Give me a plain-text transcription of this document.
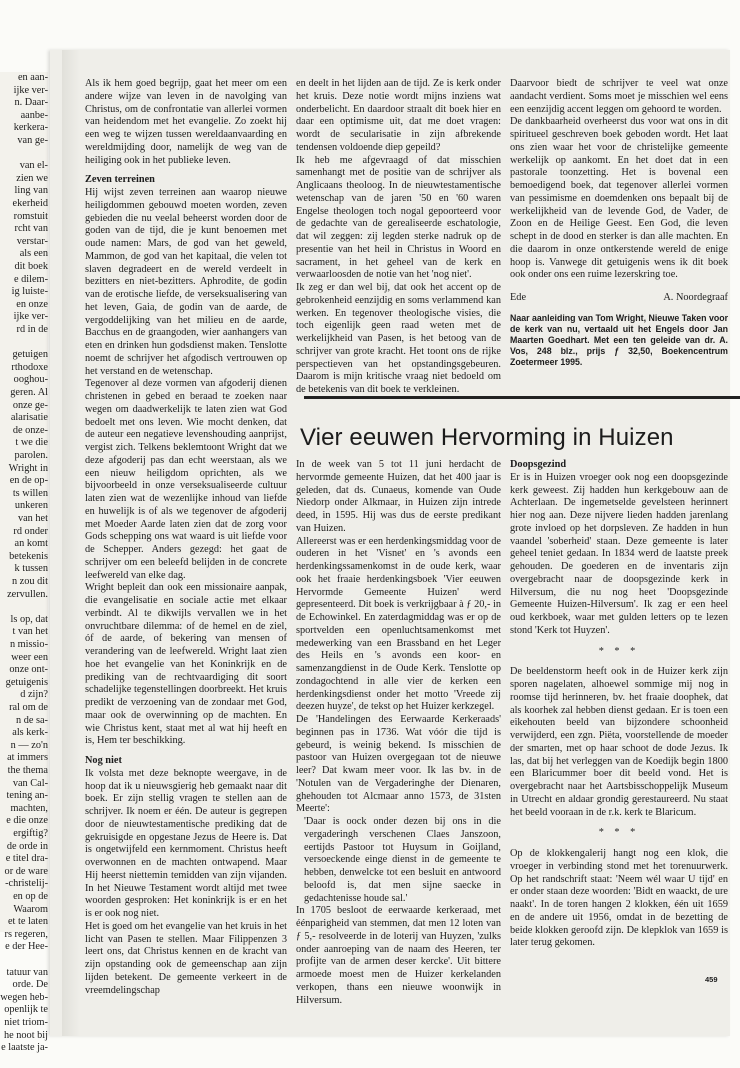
en aan-
ijke ver-
n. Daar-
aanbe-
kerkera-
van ge-
van el-
zien we
ling van
ekerheid
romstuit
rcht van
verstar-
als een
dit boek
e dilem-
ig luiste-
en onze
ijke ver-
rd in de
getuigen
rthodoxe
ooghou-
geren. Al
onze ge-
alarisatie
de onze-
t we die
parolen.
Wright in
en de op-
ts willen
unkeren
van het
rd onder
an komt
betekenis
k tussen
n zou dit
zervullen.
ls op, dat
t van het
n missio-
weer een
onze ont-
getuigenis
d zijn?
ral om de
n de sa-
als kerk-
n — zo'n
at immers
the thema
van Cal-
tening an-
machten,
e die onze
ergiftig?
de orde in
e titel dra-
or de ware
-christelij-
en op de
Waarom
et te laten
rs regeren,
e der Hee-
tatuur van
orde. De
wegen heb-
openlijk te
niet triom-
he noot bij
e laatste ja-

Als ik hem goed begrijp, gaat het meer om een andere wijze van leven in de navolging van Christus, om de confrontatie van allerlei vormen van heidendom met het evangelie. Zo zoekt hij een weg te wijzen tussen wereldaanvaarding en wereldmijding door, namelijk de weg van de heiliging ook in het publieke leven.

Zeven terreinen

Hij wijst zeven terreinen aan waarop nieuwe heiligdommen gebouwd moeten worden, zeven gebieden die nu veelal beheerst worden door de goden van de tijd, die je kunt benoemen met oude namen: Mars, de god van het geweld, Mammon, de god van het kapitaal, die velen tot slaven degradeert en de wereld verdeelt in bezitters en niet-bezitters. Aphrodite, de godin van de erotische liefde, de verseksualisering van het leven, Gaia, de godin van de aarde, de vergoddelijking van het milieu en de aarde, Bacchus en de graangoden, wier aanhangers van eten en drinken hun godsdienst maken. Tenslotte noemt de schrijver het afgodisch vertrouwen op het verstand en de wetenschap.

Tegenover al deze vormen van afgoderij dienen christenen in gebed en beraad te zoeken naar wegen om daadwerkelijk te laten zien wat God bedoelt met ons leven. Wie mocht denken, dat de auteur een negatieve levenshouding aanprijst, vergist zich. Telkens beklemtoont Wright dat we deze afgoderij pas dan echt weerstaan, als we een nieuw heiligdom oprichten, als we bijvoorbeeld in onze verseksualiseerde cultuur laten zien wat de wezenlijke inhoud van liefde en huwelijk is of als we tegenover de afgoderij met Moeder Aarde laten zien dat de zorg voor Gods schepping ons wat waard is uit liefde voor de Schepper. Anders gezegd: het gaat de schrijver om een beleefd belijden in de concrete leefwereld van elke dag.

Wright bepleit dan ook een missionaire aanpak, die evangelisatie en sociale actie met elkaar verbindt. Al te dikwijls vervallen we in het onvruchtbare dilemma: of de hemel en de ziel, óf de aarde, of bekering van mensen of verandering van de leefwereld. Wright laat zien hoe het evangelie van het Koninkrijk en de prediking van de rechtvaardiging dit soort schadelijke tegenstellingen doorbreekt. Het kruis predikt de verzoening van de zondaar met God, maar ook de overwinning op de machten. En wie Christus kent, staat met al wat hij heeft en is, Hem ter beschikking.

Nog niet

Ik volsta met deze beknopte weergave, in de hoop dat ik u nieuwsgierig heb gemaakt naar dit boek. Er zijn stellig vragen te stellen aan de schrijver. Ik noem er één. De auteur is gegrepen door de nieuwtestamentische prediking dat de gekruisigde en opgestane Jezus de Heere is. Dat is ongetwijfeld een kernmoment. Christus heeft overwonnen en de machten ontwapend. Maar Hij heerst niettemin temidden van zijn vijanden. In het Nieuwe Testament wordt altijd met twee woorden gesproken: Het koninkrijk is er en het is er ook nog niet.

Het is goed om het evangelie van het kruis in het licht van Pasen te stellen. Maar Filippenzen 3 leert ons, dat Christus kennen en de kracht van zijn opstanding ook de gemeenschap aan zijn lijden betekent. De gemeente verkeert in de vreemdelingschap

en deelt in het lijden aan de tijd. Ze is kerk onder het kruis. Deze notie wordt mijns inziens wat onderbelicht. En daardoor straalt dit boek hier en daar een optimisme uit, dat me doet vragen: wordt de secularisatie in zijn afbrekende tendensen voldoende diep gepeild?

Ik heb me afgevraagd of dat misschien samenhangt met de positie van de schrijver als Anglicaans theoloog. In de nieuwtestamentische wetenschap van de jaren '50 en '60 waren Engelse theologen toch nogal gepoorteerd voor de gedachte van de gerealiseerde eschatologie, dat wil zeggen: zij legden sterke nadruk op de presentie van het heil in Christus in Woord en sacrament, in het geheel van de kerk en verwaarloosden de notie van het 'nog niet'.

Ik zeg er dan wel bij, dat ook het accent op de gebrokenheid eenzijdig en soms verlammend kan werken. En tegenover theologische visies, die toch eigenlijk geen raad weten met de werkelijkheid van Pasen, is het betoog van de schrijver van grote kracht. Het toont ons de rijke perspectieven van het opstandingsgebeuren. Daarom is mijn kritische vraag niet bedoeld om de betekenis van dit boek te verkleinen.

Daarvoor biedt de schrijver te veel wat onze aandacht verdient. Soms moet je misschien wel eens een eenzijdig accent leggen om gehoord te worden.

De dankbaarheid overheerst dus voor wat ons in dit spiritueel geschreven boek geboden wordt. Het laat ons zien waar het voor de christelijke gemeente werkelijk op aankomt. En het doet dat in een pastorale toonzetting. Het is bovenal een bemoedigend boek, dat tegenover allerlei vormen van pessimisme en doemdenken ons bepaalt bij de werkelijkheid van de levende God, de Vader, de Zoon en de Heilige Geest. Een God, die leven schept in de dood en sterker is dan alle machten. En die daarom in onze ontkerstende wereld de enige hoop is. Vanwege dit getuigenis wens ik dit boek ook onder ons een ruime lezerskring toe.

Ede	A. Noordegraaf
Naar aanleiding van Tom Wright, Nieuwe Taken voor de kerk van nu, vertaald uit het Engels door Jan Maarten Goedhart. Met een ten geleide van dr. A. Vos, 248 blz., prijs ƒ 32,50, Boekencentrum Zoetermeer 1995.
Vier eeuwen Hervorming in Huizen

In de week van 5 tot 11 juni herdacht de hervormde gemeente Huizen, dat het 400 jaar is geleden, dat ds. Cunaeus, komende van Oude Niedorp onder Alkmaar, in Huizen zijn intrede deed, in 1595. Hij was dus de eerste predikant van Huizen.

Allereerst was er een herdenkingsmiddag voor de ouderen in het 'Visnet' en 's avonds een herdenkingssamenkomst in de oude kerk, waar ook het fraaie herdenkingsboek 'Vier eeuwen Hervormde Gemeente Huizen' werd gepresenteerd. Dit boek is verkrijgbaar à ƒ 20,- in de Echowinkel. En zaterdagmiddag was er op de sportvelden een openluchtsamenkomst met medewerking van een Brassband en het Leger des Heils en 's avonds een koor- en samenzangdienst in de Oude Kerk. Tenslotte op zondagochtend in alle vier de kerken een herdenkingsdienst onder het motto 'Vreede zij deezen huyze', de tekst op het Huizer kerkzegel.

De 'Handelingen des Eerwaarde Kerkeraads' beginnen pas in 1736. Wat vóór die tijd is gebeurd, is weinig bekend. Is misschien de pastoor van Huizen overgegaan tot de nieuwe leer? Dat kwam meer voor. Ik las bv. in de 'Notulen van de Vergaderinghe der Dienaren, ghehouden tot Alcmaar anno 1573, de 31sten Meerte':

'Daar is oock onder dezen bij ons in die vergaderingh verschenen Claes Janszoon, eertijds Pastoor tot Huysum in Goijland, versoeckende einge dienst in de gemeente te hebben, denwelcke tot een besluit en antwoord beloofd is, dat men sijne saecke in gedachtenisse houde sal.'

In 1705 besloot de eerwaarde kerkeraad, met éénparigheid van stemmen, dat men 12 loten van ƒ 5,- resolveerde in de loterij van Huyzen, 'zulks onder aanroeping van de naam des Heeren, ter profijte van de armen deser kercke'. Uit bittere armoede moest men de Huizer kerkelanden verkopen, thans een nieuwe woonwijk in Hilversum.

Doopsgezind

Er is in Huizen vroeger ook nog een doopsgezinde kerk geweest. Zij hadden hun kerkgebouw aan de Achterlaan. De ingemetselde gevelsteen herinnert hier nog aan. Deze nijvere lieden hadden jarenlang grote invloed op het dorpsleven. Ze hadden in hun vaandel 'soberheid' staan. Deze gemeente is later geheel teniet gedaan. In 1834 werd de laatste preek gehouden. De goederen en de inventaris zijn overgebracht naar de doopsgezinde kerk in Hilversum, die nu nog heet 'Doopsgezinde Gemeente Huizen-Hilversum'. Ik zag er een heel oud kerkboek, waar met gulden letters op te lezen stond 'Kerk tot Huyzen'.

* * *

De beeldenstorm heeft ook in de Huizer kerk zijn sporen nagelaten, alhoewel sommige mij nog in roomse tijd herinneren, bv. het fraaie doophek, dat als koorhek zal hebben dienst gedaan. Er is toen een eikehouten beeld van bijzondere schoonheid verwijderd, een zgn. Piëta, voorstellende de moeder der smarten, met op haar schoot de dode Jezus. Ik las, dat bij het verleggen van de Koedijk begin 1800 een Blaricummer boer dit beeld vond. Het is overgebracht naar het Aartsbisschoppelijk Museum in Utrecht en aldaar grondig gerestaureerd. Nu staat het beeld vooraan in de r.k. kerk te Blaricum.

* * *

Op de klokkengalerij hangt nog een klok, die vroeger in verbinding stond met het torenuurwerk. Op het randschrift staat: 'Neem wél waar U tijd' en er onder staan deze woorden: 'Bidt en waackt, de ure naakt'. In de toren hangen 2 klokken, één uit 1659 en de andere uit 1956, omdat in de bezetting de beide klokken geroofd zijn. De klepklok van 1659 is later terug gekomen.

459
